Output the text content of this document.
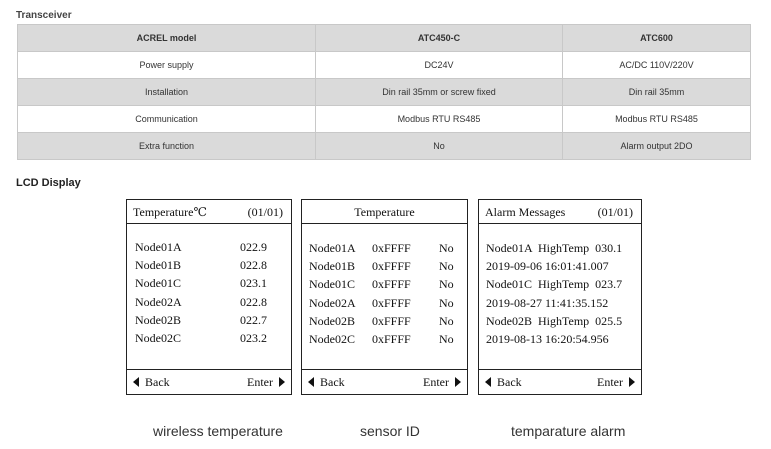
Transceiver
ACREL model	ATC450-C	ATC600
Power supply	DC24V	AC/DC 110V/220V
Installation	Din rail 35mm or screw fixed	Din rail 35mm
Communication	Modbus RTU RS485	Modbus RTU RS485
Extra function	No	Alarm output 2DO
LCD Display
Temperature℃	(01/01)
Node01A	022.9
Node01B	022.8
Node01C	023.1
Node02A	022.8
Node02B	022.7
Node02C	023.2
Back	Enter
Temperature
Node01A 0xFFFF No
Node01B 0xFFFF No
Node01C 0xFFFF No
Node02A 0xFFFF No
Node02B 0xFFFF No
Node02C 0xFFFF No
Back	Enter
Alarm Messages	(01/01)
Node01A  HighTemp  030.1
2019-09-06 16:01:41.007
Node01C  HighTemp  023.7
2019-08-27 11:41:35.152
Node02B  HighTemp  025.5
2019-08-13 16:20:54.956
Back	Enter
wireless temperature	sensor ID	temparature alarm
